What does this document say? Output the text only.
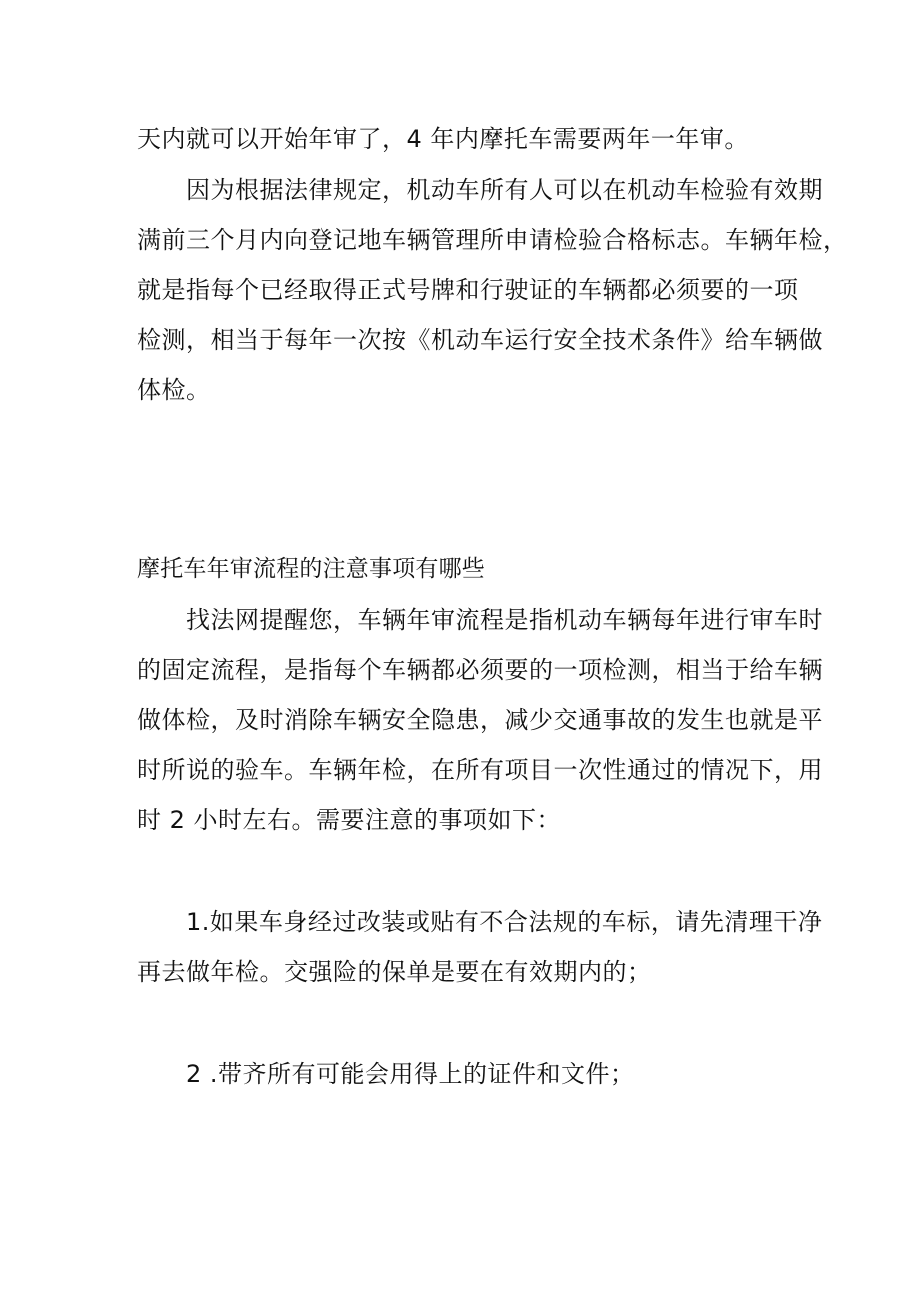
天内就可以开始年审了，4 年内摩托车需要两年一年审。
因为根据法律规定，机动车所有人可以在机动车检验有效期
满前三个月内向登记地车辆管理所申请检验合格标志。车辆年检，
就是指每个已经取得正式号牌和行驶证的车辆都必须要的一项
检测，相当于每年一次按《机动车运行安全技术条件》给车辆做
体检。
摩托车年审流程的注意事项有哪些
找法网提醒您，车辆年审流程是指机动车辆每年进行审车时
的固定流程，是指每个车辆都必须要的一项检测，相当于给车辆
做体检，及时消除车辆安全隐患，减少交通事故的发生也就是平
时所说的验车。车辆年检，在所有项目一次性通过的情况下，用
时 2 小时左右。需要注意的事项如下：
1.如果车身经过改装或贴有不合法规的车标，请先清理干净
再去做年检。交强险的保单是要在有效期内的；
2 .带齐所有可能会用得上的证件和文件；
